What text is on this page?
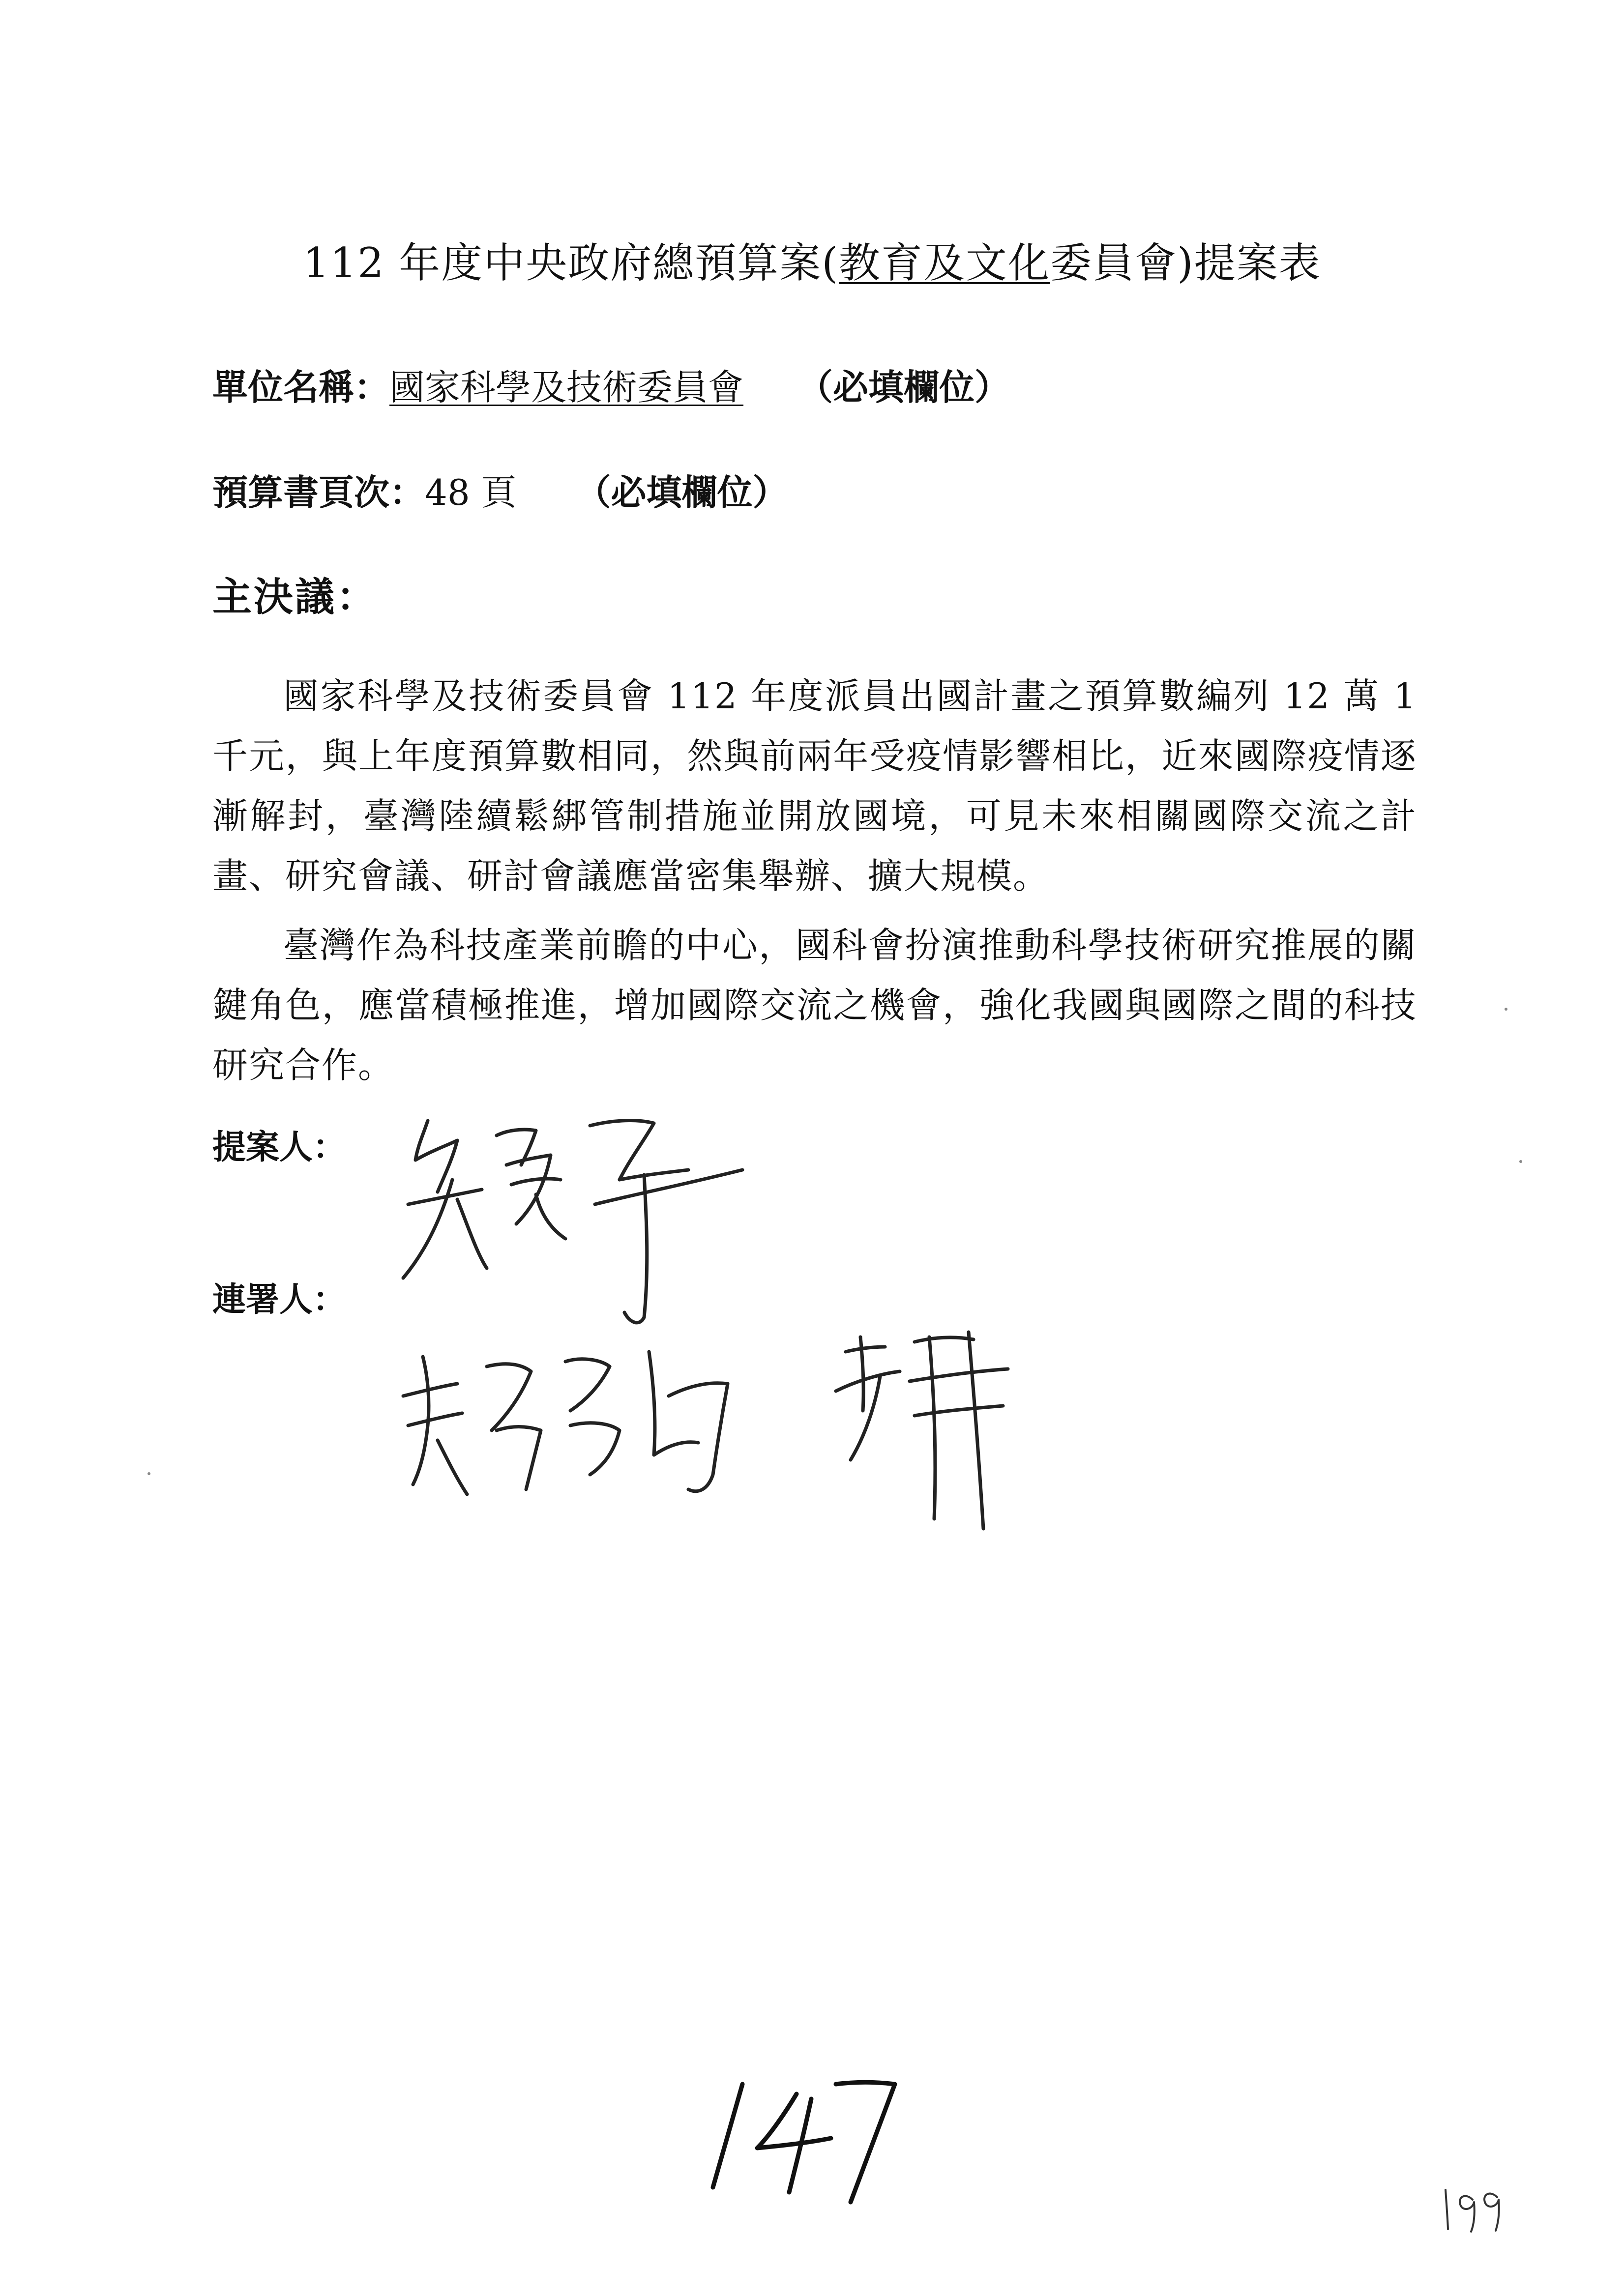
112 年度中央政府總預算案(教育及文化委員會)提案表
單位名稱：國家科學及技術委員會 （必填欄位）
預算書頁次：48 頁 （必填欄位）
主決議：
國家科學及技術委員會 112 年度派員出國計畫之預算數編列 12 萬 1 千元，與上年度預算數相同，然與前兩年受疫情影響相比，近來國際疫情逐漸解封，臺灣陸續鬆綁管制措施並開放國境，可見未來相關國際交流之計畫、研究會議、研討會議應當密集舉辦、擴大規模。
臺灣作為科技產業前瞻的中心，國科會扮演推動科學技術研究推展的關鍵角色，應當積極推進，增加國際交流之機會，強化我國與國際之間的科技研究合作。
提案人：
連署人：
